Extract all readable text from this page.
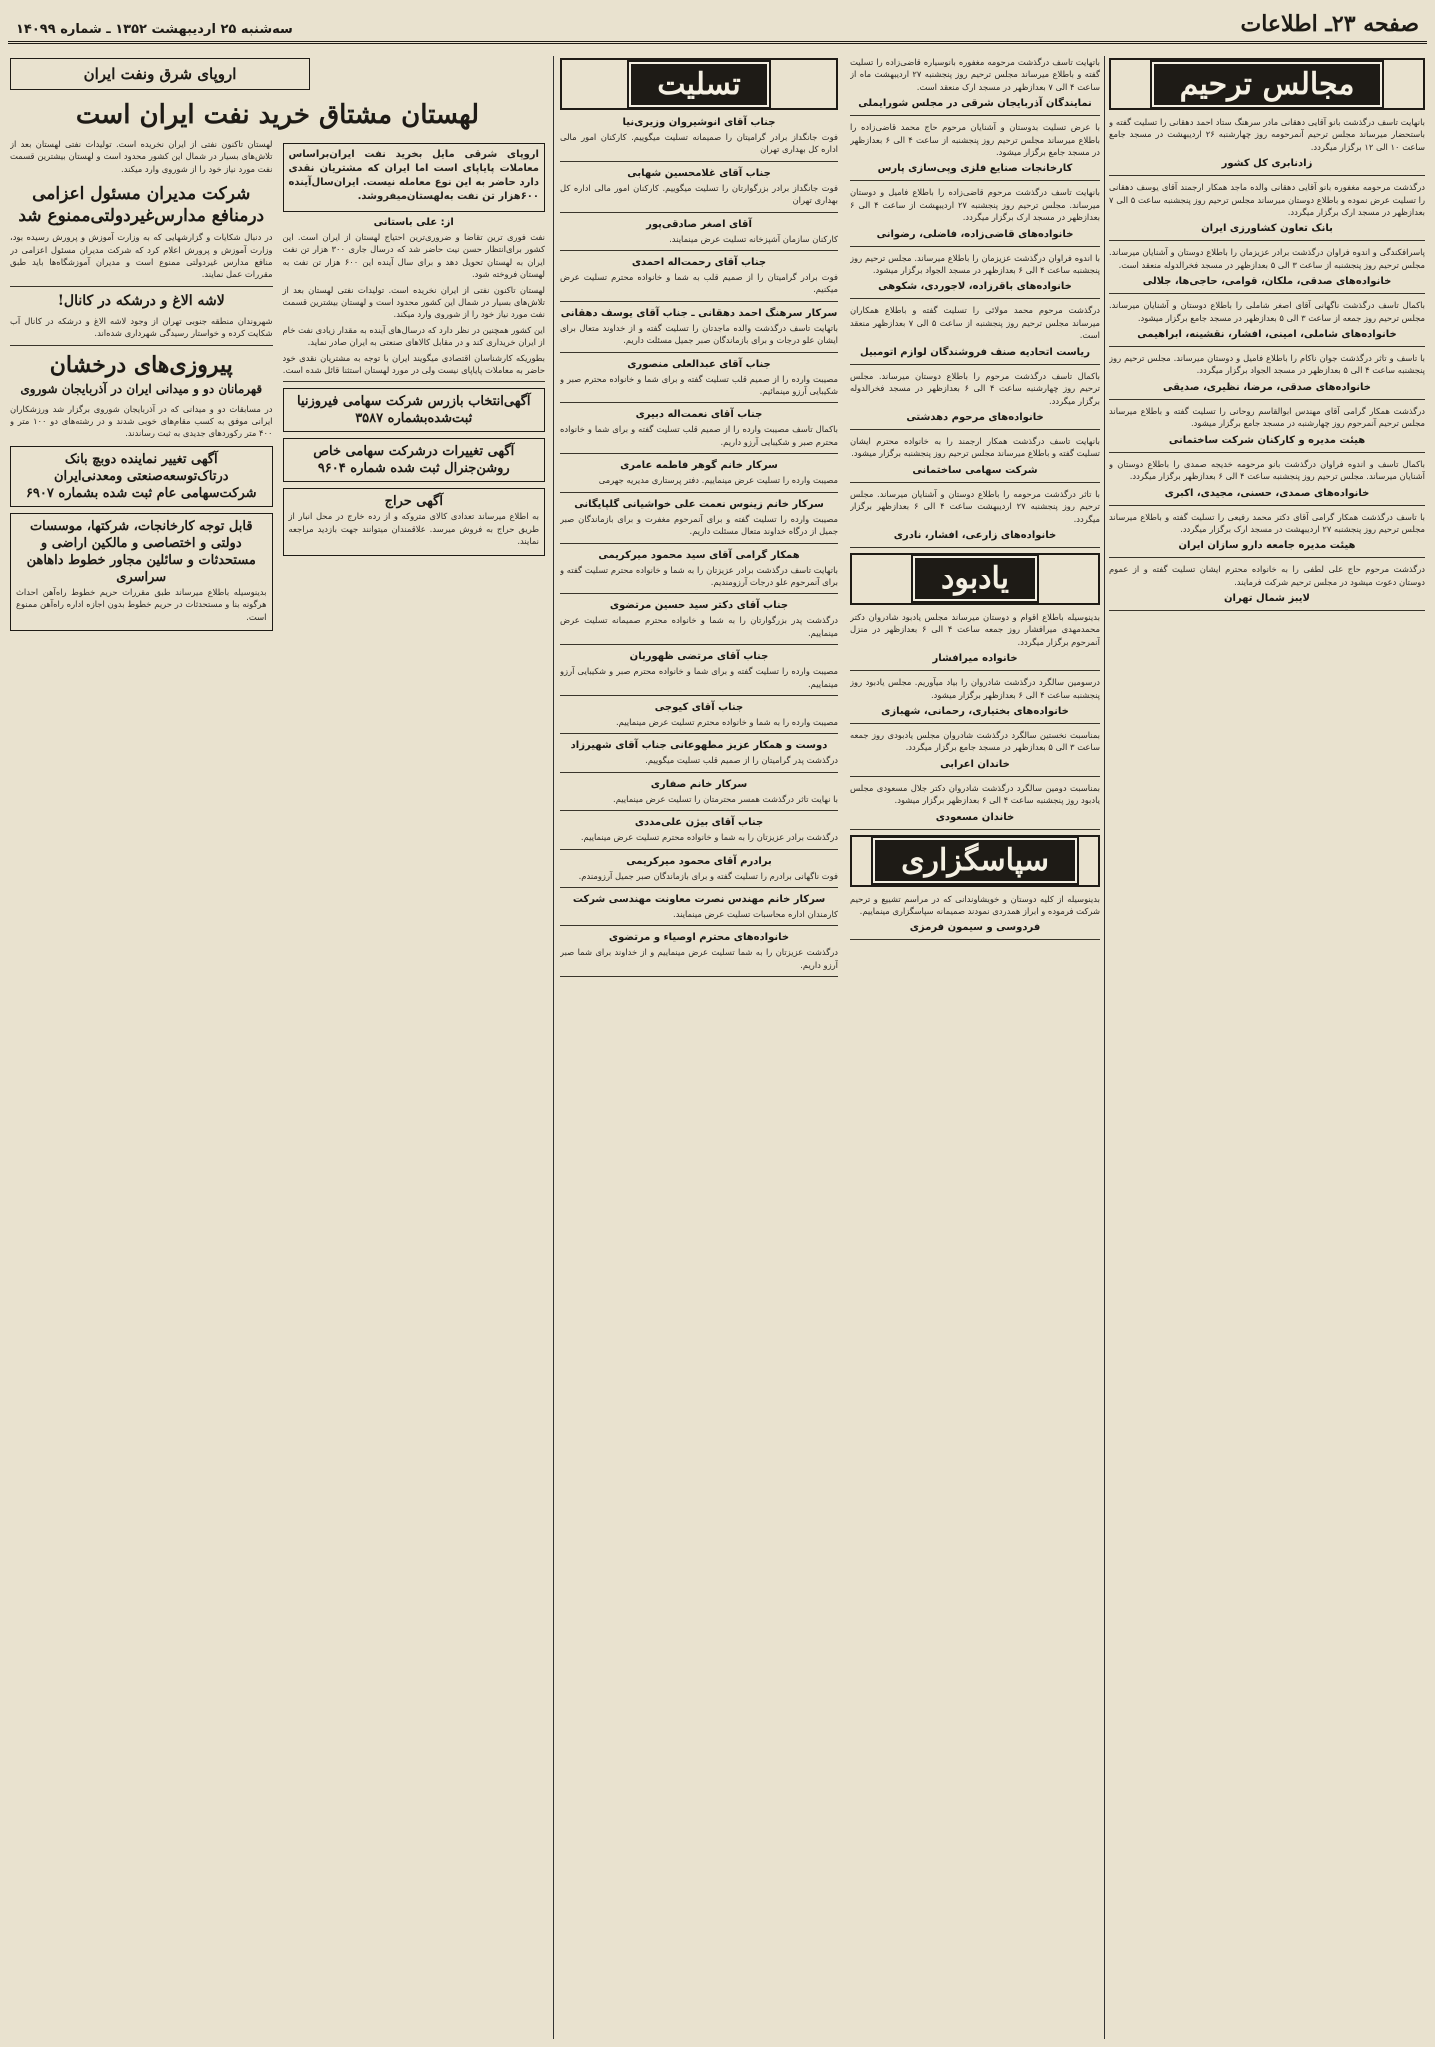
صفحه ۲۳ـ اطلاعات
سه‌شنبه ۲۵ اردیبهشت ۱۳۵۲ ـ شماره ۱۴۰۹۹
مجالس ترحیم
بانهایت تاسف درگذشت بانو آقایی دهقانی مادر سرهنگ ستاد احمد دهقانی را تسلیت گفته و باستحضار میرساند مجلس ترحیم آنمرحومه روز چهارشنبه ۲۶ اردیبهشت در مسجد جامع ساعت ۱۰ الی ۱۲ برگزار میگردد.
زادنابری کل کشور
درگذشت مرحومه مغفوره بانو آقایی دهقانی والده ماجد همکار ارجمند آقای یوسف دهقانی را تسلیت عرض نموده و باطلاع دوستان میرساند مجلس ترحیم روز پنجشنبه ساعت ۵ الی ۷ بعدازظهر در مسجد ارک برگزار میگردد.
بانک تعاون کشاورزی ایران
پاسرافکندگی و اندوه فراوان درگذشت برادر عزیزمان را باطلاع دوستان و آشنایان میرساند. مجلس ترحیم روز پنجشنبه از ساعت ۳ الی ۵ بعدازظهر در مسجد فخرالدوله منعقد است.
خانواده‌های صدقی، ملکان، قوامی، حاجی‌ها، جلالی
باکمال تاسف درگذشت ناگهانی آقای اصغر شاملی را باطلاع دوستان و آشنایان میرساند. مجلس ترحیم روز جمعه از ساعت ۳ الی ۵ بعدازظهر در مسجد جامع برگزار میشود.
خانواده‌های شاملی، امینی، افشار، نقشینه، ابراهیمی
با تاسف و تاثر درگذشت جوان ناکام را باطلاع فامیل و دوستان میرساند. مجلس ترحیم روز پنجشنبه ساعت ۴ الی ۵ بعدازظهر در مسجد الجواد برگزار میگردد.
خانواده‌های صدقی، مرضا، نظیری، صدیقی
درگذشت همکار گرامی آقای مهندس ابوالقاسم روحانی را تسلیت گفته و باطلاع میرساند مجلس ترحیم آنمرحوم روز چهارشنبه در مسجد جامع برگزار میشود.
هیئت مدیره و کارکنان شرکت ساختمانی
باکمال تاسف و اندوه فراوان درگذشت بانو مرحومه خدیجه صمدی را باطلاع دوستان و آشنایان میرساند. مجلس ترحیم روز پنجشنبه ساعت ۴ الی ۶ بعدازظهر برگزار میگردد.
خانواده‌های صمدی، حسنی، مجیدی، اکبری
با تاسف درگذشت همکار گرامی آقای دکتر محمد رفیعی را تسلیت گفته و باطلاع میرساند مجلس ترحیم روز پنجشنبه ۲۷ اردیبهشت در مسجد ارک برگزار میگردد.
هیئت مدیره جامعه دارو سازان ایران
درگذشت مرحوم حاج علی لطفی را به خانواده محترم ایشان تسلیت گفته و از عموم دوستان دعوت میشود در مجلس ترحیم شرکت فرمایند.
لایبز شمال تهران
باتهایت تاسف درگذشت مرحومه مغفوره بانوسیاره قاضی‌زاده را تسلیت گفته و باطلاع میرساند مجلس ترحیم روز پنجشنبه ۲۷ اردیبهشت ماه از ساعت ۴ الی ۷ بعدازظهر در مسجد ارک منعقد است.
نمایندگان آذربایجان شرقی در مجلس شورایملی
با عرض تسلیت بدوستان و آشنایان مرحوم حاج محمد قاضی‌زاده را باطلاع میرساند مجلس ترحیم روز پنجشنبه از ساعت ۴ الی ۶ بعدازظهر در مسجد جامع برگزار میشود.
کارخانجات صنایع فلزی وپی‌سازی پارس
بانهایت تاسف درگذشت مرحوم قاضی‌زاده را باطلاع فامیل و دوستان میرساند. مجلس ترحیم روز پنجشنبه ۲۷ اردیبهشت از ساعت ۴ الی ۶ بعدازظهر در مسجد ارک برگزار میگردد.
خانواده‌های قاضی‌زاده، فاضلی، رضوانی
با اندوه فراوان درگذشت عزیزمان را باطلاع میرساند. مجلس ترحیم روز پنجشنبه ساعت ۴ الی ۶ بعدازظهر در مسجد الجواد برگزار میشود.
خانواده‌های باقرزاده، لاجوردی، شکوهی
درگذشت مرحوم محمد مولائی را تسلیت گفته و باطلاع همکاران میرساند مجلس ترحیم روز پنجشنبه از ساعت ۵ الی ۷ بعدازظهر منعقد است.
ریاست اتحادیه صنف فروشندگان لوازم اتومبیل
باکمال تاسف درگذشت مرحوم را باطلاع دوستان میرساند. مجلس ترحیم روز چهارشنبه ساعت ۴ الی ۶ بعدازظهر در مسجد فخرالدوله برگزار میگردد.
خانواده‌های مرحوم دهدشتی
بانهایت تاسف درگذشت همکار ارجمند را به خانواده محترم ایشان تسلیت گفته و باطلاع میرساند مجلس ترحیم روز پنجشنبه برگزار میشود.
شرکت سهامی ساختمانی
با تاثر درگذشت مرحومه را باطلاع دوستان و آشنایان میرساند. مجلس ترحیم روز پنجشنبه ۲۷ اردیبهشت ساعت ۴ الی ۶ بعدازظهر برگزار میگردد.
خانواده‌های زارعی، افشار، نادری
یادبود
بدینوسیله باطلاع اقوام و دوستان میرساند مجلس یادبود شادروان دکتر محمدمهدی میرافشار روز جمعه ساعت ۴ الی ۶ بعدازظهر در منزل آنمرحوم برگزار میگردد.
خانواده میرافشار
درسومین سالگرد درگذشت شادروان را بیاد میآوریم. مجلس یادبود روز پنجشنبه ساعت ۴ الی ۶ بعدازظهر برگزار میشود.
خانواده‌های بختیاری، رحمانی، شهبازی
بمناسبت نخستین سالگرد درگذشت شادروان مجلس یادبودی روز جمعه ساعت ۳ الی ۵ بعدازظهر در مسجد جامع برگزار میگردد.
خاندان اعرابی
بمناسبت دومین سالگرد درگذشت شادروان دکتر جلال مسعودی مجلس یادبود روز پنجشنبه ساعت ۴ الی ۶ بعدازظهر برگزار میشود.
خاندان مسعودی
سپاسگزاری
بدینوسیله از کلیه دوستان و خویشاوندانی که در مراسم تشییع و ترحیم شرکت فرموده و ابراز همدردی نمودند صمیمانه سپاسگزاری مینماییم.
فردوسی و سیمون فرمزی
تسلیت
جناب آقای انوشیروان وزیری‌نیا
فوت جانگداز برادر گرامیتان را صمیمانه تسلیت میگوییم. کارکنان امور مالی اداره کل بهداری تهران
جناب آقای غلامحسین شهابی
فوت جانگداز برادر بزرگوارتان را تسلیت میگوییم. کارکنان امور مالی اداره کل بهداری تهران
آقای اصغر صادقی‌پور
کارکنان سازمان آشپزخانه تسلیت عرض مینمایند.
جناب آقای رحمت‌اله احمدی
فوت برادر گرامیتان را از صمیم قلب به شما و خانواده محترم تسلیت عرض میکنیم.
سرکار سرهنگ احمد دهقانی ـ جناب آقای یوسف دهقانی
باتهایت تاسف درگذشت والده ماجدتان را تسلیت گفته و از خداوند متعال برای ایشان علو درجات و برای بازماندگان صبر جمیل مسئلت داریم.
جناب آقای عبدالعلی منصوری
مصیبت وارده را از صمیم قلب تسلیت گفته و برای شما و خانواده محترم صبر و شکیبایی آرزو مینمائیم.
جناب آقای نعمت‌اله دبیری
باکمال تاسف مصیبت وارده را از صمیم قلب تسلیت گفته و برای شما و خانواده محترم صبر و شکیبایی آرزو داریم.
سرکار خانم گوهر فاطمه عامری
مصیبت وارده را تسلیت عرض مینماییم. دفتر پرستاری مدیریه جهرمی
سرکار خانم زینوس نعمت‌ علی خواشیانی گلپایگانی
مصیبت وارده را تسلیت گفته و برای آنمرحوم مغفرت و برای بازماندگان صبر جمیل از درگاه خداوند متعال مسئلت داریم.
همکار گرامی آقای سید محمود میرکریمی
باتهایت تاسف درگذشت برادر عزیزتان را به شما و خانواده محترم تسلیت گفته و برای آنمرحوم علو درجات آرزومندیم.
جناب آقای دکتر سید حسین مرتضوی
درگذشت پدر بزرگوارتان را به شما و خانواده محترم صمیمانه تسلیت عرض مینماییم.
جناب آقای مرتضی ظهوریان
مصیبت وارده را تسلیت گفته و برای شما و خانواده محترم صبر و شکیبایی آرزو مینماییم.
جناب آقای کیوجی
مصیبت وارده را به شما و خانواده محترم تسلیت عرض مینماییم.
دوست و همکار عزیز مطهوعانی جناب آقای شهیرزاد
درگذشت پدر گرامیتان را از صمیم قلب تسلیت میگوییم.
سرکار خانم صفاری
با نهایت تاثر درگذشت همسر محترمتان را تسلیت عرض مینماییم.
جناب آقای بیژن علی‌مددی
درگذشت برادر عزیزتان را به شما و خانواده محترم تسلیت عرض مینماییم.
برادرم آقای محمود میرکریمی
فوت ناگهانی برادرم را تسلیت گفته و برای بازماندگان صبر جمیل آرزومندم.
سرکار خانم مهندس نصرت معاونت مهندسی شرکت
کارمندان اداره محاسبات تسلیت عرض مینمایند.
خانواده‌های محترم اوصیاء و مرتضوی
درگذشت عزیزتان را به شما تسلیت عرض مینماییم و از خداوند برای شما صبر آرزو داریم.
اروپای شرق ونفت ایران
لهستان مشتاق خرید نفت ایران است
اروپای شرقی مایل بخرید نفت ایران‌براساس معاملات پایاپای است اما ایران که مشتریان نقدی دارد حاضر به این نوع معامله نیست. ایران‌سال‌آینده ۶۰۰هزار تن نفت به‌لهستان‌میفروشد.
از: علی باستانی
نفت فوری ترین تقاضا و ضروری‌ترین احتیاج لهستان از ایران است. این کشور برای‌انتظار حسن نیت حاضر شد که درسال جاری ۳۰۰ هزار تن نفت ایران به لهستان تحویل دهد و برای سال آینده این ۶۰۰ هزار تن نفت به لهستان فروخته شود.
لهستان تاکنون نفتی از ایران نخریده است. تولیدات نفتی لهستان بعد از تلاش‌های بسیار در شمال این کشور محدود است و لهستان بیشترین قسمت نفت مورد نیاز خود را از شوروی وارد میکند.
این کشور همچنین در نظر دارد که درسال‌های آینده به مقدار زیادی نفت خام از ایران خریداری کند و در مقابل کالاهای صنعتی به ایران صادر نماید.
بطوریکه کارشناسان اقتصادی میگویند ایران با توجه به مشتریان نقدی خود حاضر به معاملات پایاپای نیست ولی در مورد لهستان استثنا قائل شده است.
آگهی‌انتخاب بازرس شرکت سهامی فیروزنیا ثبت‌شده‌بشماره ۳۵۸۷
آگهی تغییرات درشرکت سهامی خاص روشن‌جنرال ثبت شده شماره ۹۶۰۴
آگهی حراج
به اطلاع میرساند تعدادی کالای متروکه و از رده خارج در محل انبار از طریق حراج به فروش میرسد. علاقمندان میتوانند جهت بازدید مراجعه نمایند.
لهستان تاکنون نفتی از ایران نخریده است. تولیدات نفتی لهستان بعد از تلاش‌های بسیار در شمال این کشور محدود است و لهستان بیشترین قسمت نفت مورد نیاز خود را از شوروی وارد میکند.
شرکت مدیران مسئول اعزامی درمنافع مدارس‌غیردولتی‌ممنوع شد
در دنبال شکایات و گزارشهایی که به وزارت آموزش و پرورش رسیده بود، وزارت آموزش و پرورش اعلام کرد که شرکت مدیران مسئول اعزامی در منافع مدارس غیردولتی ممنوع است و مدیران آموزشگاه‌ها باید طبق مقررات عمل نمایند.
لاشه الاغ و درشکه در کانال!
شهروندان منطقه جنوبی تهران از وجود لاشه الاغ و درشکه در کانال آب شکایت کرده و خواستار رسیدگی شهرداری شده‌اند.
پیروزی‌های درخشان
قهرمانان دو و میدانی ایران در آذربایجان شوروی
در مسابقات دو و میدانی که در آذربایجان شوروی برگزار شد ورزشکاران ایرانی موفق به کسب مقام‌های خوبی شدند و در رشته‌های دو ۱۰۰ متر و ۴۰۰ متر رکوردهای جدیدی به ثبت رساندند.
آگهی تغییر نماینده دوبچ بانک درتاک‌توسعه‌صنعتی ومعدنی‌ایران شرکت‌سهامی عام ثبت شده بشماره ۶۹۰۷
قابل توجه کارخانجات، شرکتها، موسسات دولتی و اختصاصی و مالکین اراضی و مستحدثات و سائلین مجاور خطوط داهاهن سراسری
بدینوسیله باطلاع میرساند طبق مقررات حریم خطوط راه‌آهن احداث هرگونه بنا و مستحدثات در حریم خطوط بدون اجازه اداره راه‌آهن ممنوع است.
